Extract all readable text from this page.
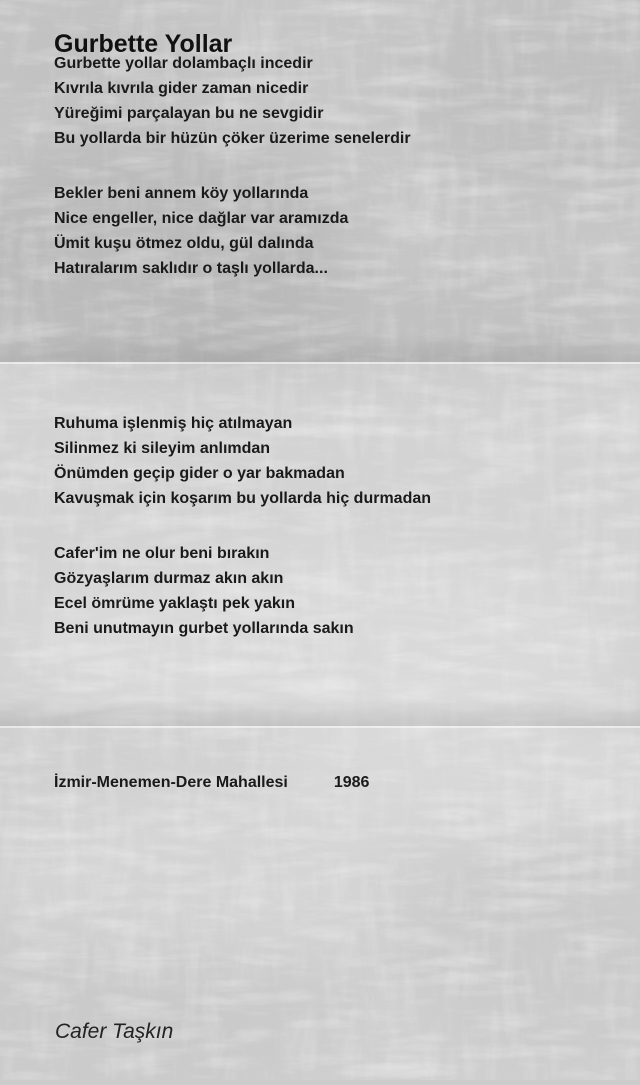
Gurbette Yollar
Gurbette yollar dolambaçlı incedir
Kıvrıla kıvrıla gider zaman nicedir
Yüreğimi parçalayan bu ne sevgidir
Bu yollarda bir hüzün çöker üzerime senelerdir
Bekler beni annem köy yollarında
Nice engeller, nice dağlar var aramızda
Ümit kuşu ötmez oldu, gül dalında
Hatıralarım saklıdır o taşlı yollarda...
Ruhuma işlenmiş hiç atılmayan
Silinmez ki sileyim anlımdan
Önümden geçip gider o yar bakmadan
Kavuşmak için koşarım bu yollarda hiç durmadan
Cafer'im ne olur beni bırakın
Gözyaşlarım durmaz akın akın
Ecel ömrüme yaklaştı pek yakın
Beni unutmayın gurbet yollarında sakın
İzmir-Menemen-Dere Mahallesi	1986
Cafer Taşkın
